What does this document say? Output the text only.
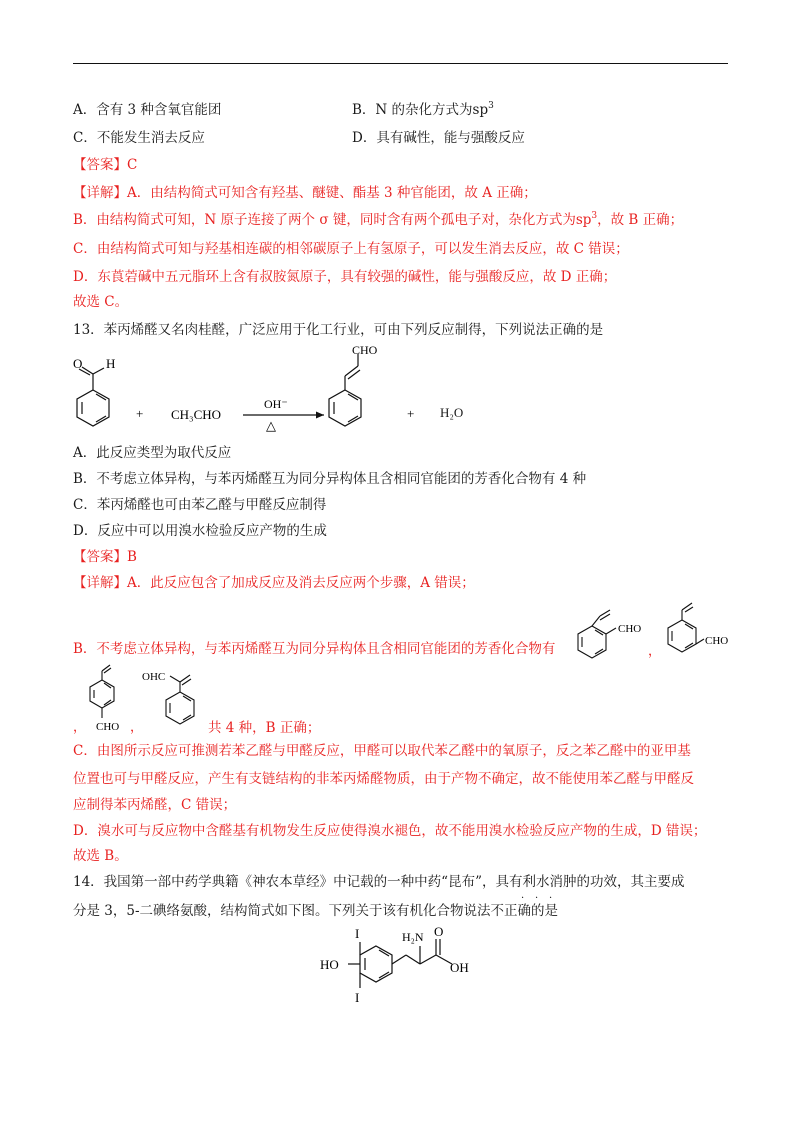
A．含有 3 种含氧官能团	B．N 的杂化方式为$sp^3$
C．不能发生消去反应	D．具有碱性，能与强酸反应
【答案】C
【详解】A．由结构简式可知含有羟基、醚键、酯基 3 种官能团，故 A 正确；
B．由结构简式可知，N 原子连接了两个 σ 键，同时含有两个孤电子对，杂化方式为$sp^3$，故 B 正确；
C．由结构简式可知与羟基相连碳的相邻碳原子上有氢原子，可以发生消去反应，故 C 错误；
D．东莨菪碱中五元脂环上含有叔胺氮原子，具有较强的碱性，能与强酸反应，故 D 正确；
故选 C。
13．苯丙烯醛又名肉桂醛，广泛应用于化工行业，可由下列反应制得，下列说法正确的是
O H
+ CH₃CHO
OH⁻
△
CHO
+ H₂O
A．此反应类型为取代反应
B．不考虑立体异构，与苯丙烯醛互为同分异构体且含相同官能团的芳香化合物有 4 种
C．苯丙烯醛也可由苯乙醛与甲醛反应制得
D．反应中可以用溴水检验反应产物的生成
【答案】B
【详解】A．此反应包含了加成反应及消去反应两个步骤，A 错误；
B．不考虑立体异构，与苯丙烯醛互为同分异构体且含相同官能团的芳香化合物有
CHO
，
CHO
CHO
，	，
OHC
共 4 种，B 正确；
C．由图所示反应可推测若苯乙醛与甲醛反应，甲醛可以取代苯乙醛中的氧原子，反之苯乙醛中的亚甲基
位置也可与甲醛反应，产生有支链结构的非苯丙烯醛物质，由于产物不确定，故不能使用苯乙醛与甲醛反
应制得苯丙烯醛，C 错误；
D．溴水可与反应物中含醛基有机物发生反应使得溴水褪色，故不能用溴水检验反应产物的生成，D 错误；
故选 B。
14．我国第一部中药学典籍《神农本草经》中记载的一种中药“昆布”，具有利水消肿的功效，其主要成
分是 3，5-二碘络氨酸，结构简式如下图。下列关于该有机化合物说法不正确的是
· · ·
I
I
HO
H₂N O
OH
